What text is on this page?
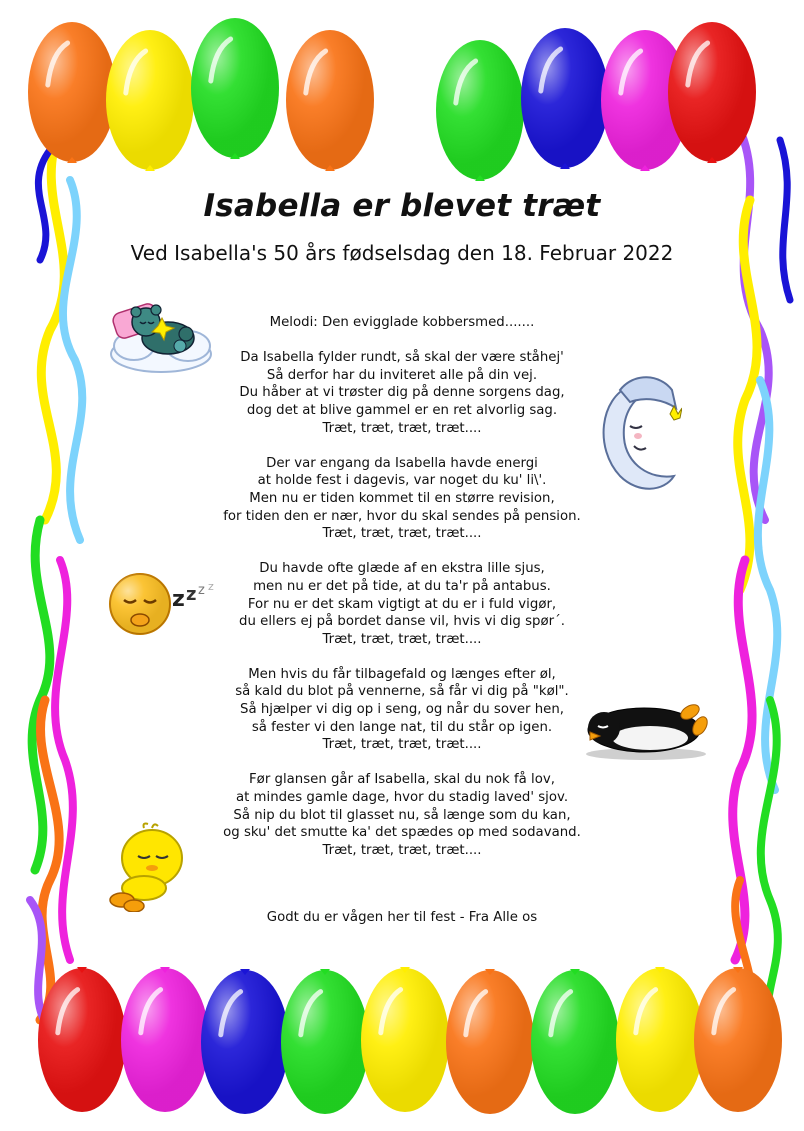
Isabella er blevet træt
Ved Isabella's 50 års fødselsdag den 18. Februar 2022
Melodi: Den evigglade kobbersmed.......
Da Isabella fylder rundt, så skal der være ståhej'
Så derfor har du inviteret alle på din vej.
Du håber at vi trøster dig på denne sorgens dag,
dog det at blive gammel er en ret alvorlig sag.
Træt, træt, træt, træt....
Der var engang da Isabella havde energi
at holde fest i dagevis, var noget du ku' li\'.
Men nu er tiden kommet til en større revision,
for tiden den er nær, hvor du skal sendes på pension.
Træt, træt, træt, træt....
Du havde ofte glæde af en ekstra lille sjus,
men nu er det på tide, at du ta'r på antabus.
For nu er det skam vigtigt at du er i fuld vigør,
du ellers ej på bordet danse vil, hvis vi dig spør´.
Træt, træt, træt, træt....
Men hvis du får tilbagefald og længes efter øl,
så kald du blot på vennerne, så får vi dig på "køl".
Så hjælper vi dig op i seng, og når du sover hen,
så fester vi den lange nat, til du står op igen.
Træt, træt, træt, træt....
Før glansen går af Isabella, skal du nok få lov,
at mindes gamle dage, hvor du stadig laved' sjov.
Så nip du blot til glasset nu, så længe som du kan,
og sku' det smutte ka' det spædes op med sodavand.
Træt, træt, træt, træt....
Godt du er vågen her til fest - Fra Alle os
z z z z
